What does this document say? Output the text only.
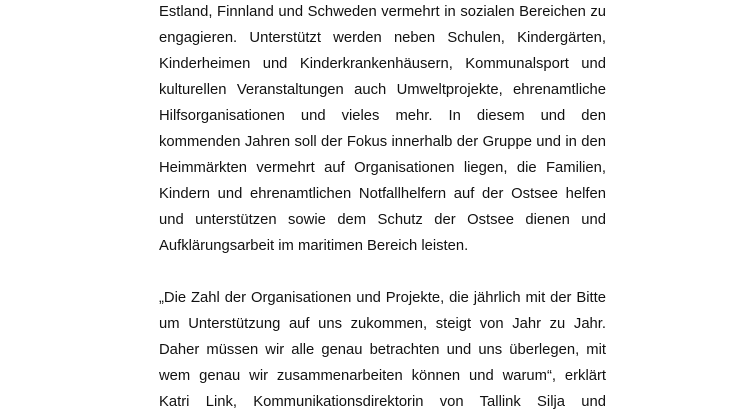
Estland, Finnland und Schweden vermehrt in sozialen Bereichen zu
engagieren. Unterstützt werden neben Schulen, Kindergärten,
Kinderheimen und Kinderkrankenhäusern, Kommunalsport und
kulturellen Veranstaltungen auch Umweltprojekte, ehrenamtliche
Hilfsorganisationen und vieles mehr. In diesem und den
kommenden Jahren soll der Fokus innerhalb der Gruppe und in den
Heimmärkten vermehrt auf Organisationen liegen, die Familien,
Kindern und ehrenamtlichen Notfallhelfern auf der Ostsee helfen
und unterstützen sowie dem Schutz der Ostsee dienen und
Aufklärungsarbeit im maritimen Bereich leisten.
„Die Zahl der Organisationen und Projekte, die jährlich mit der Bitte
um Unterstützung auf uns zukommen, steigt von Jahr zu Jahr.
Daher müssen wir alle genau betrachten und uns überlegen, mit
wem genau wir zusammenarbeiten können und warum“, erklärt
Katri Link, Kommunikationsdirektorin von Tallink Silja und
